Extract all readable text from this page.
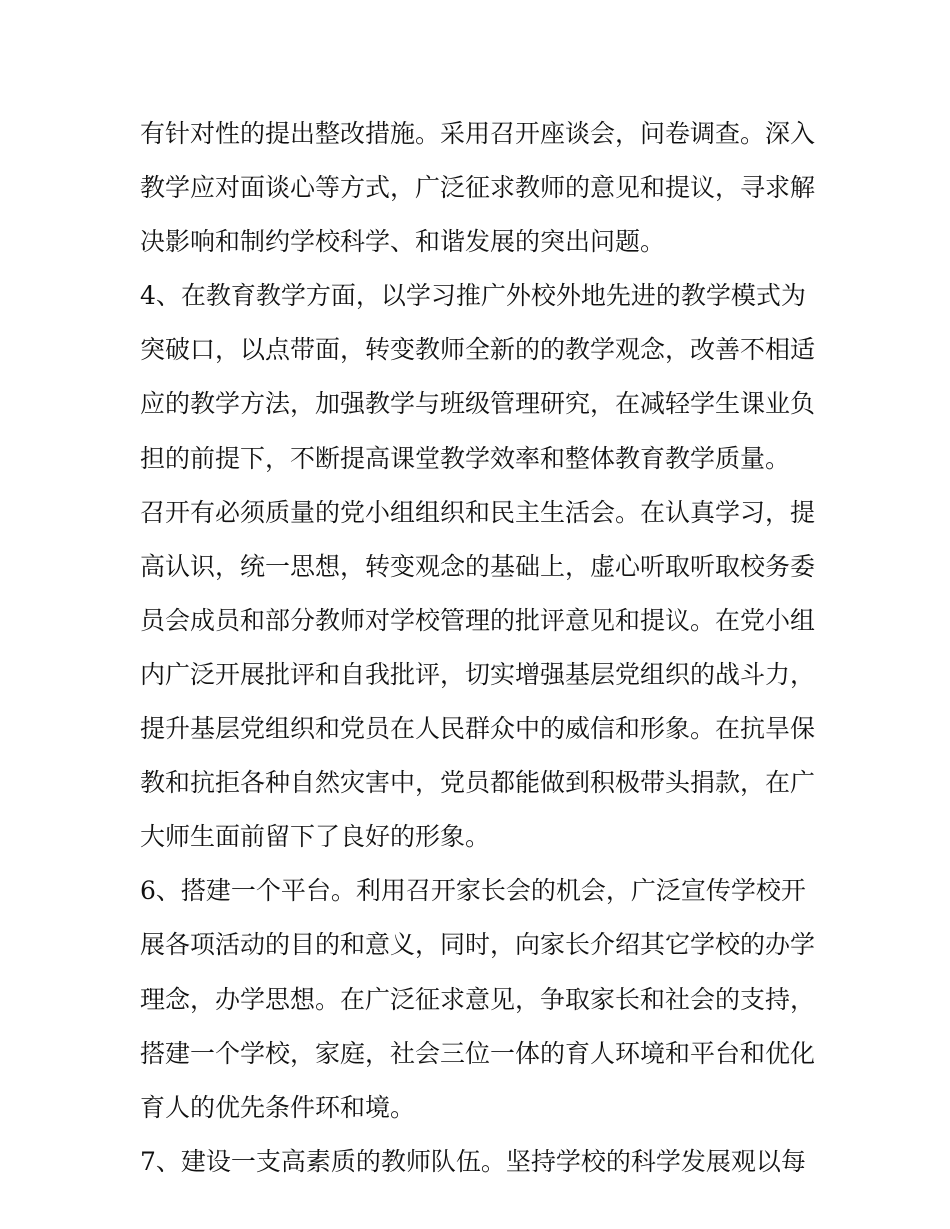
有针对性的提出整改措施。采用召开座谈会，问卷调查。深入
教学应对面谈心等方式，广泛征求教师的意见和提议，寻求解
决影响和制约学校科学、和谐发展的突出问题。
4、在教育教学方面，以学习推广外校外地先进的教学模式为
突破口，以点带面，转变教师全新的的教学观念，改善不相适
应的教学方法，加强教学与班级管理研究，在减轻学生课业负
担的前提下，不断提高课堂教学效率和整体教育教学质量。
召开有必须质量的党小组组织和民主生活会。在认真学习，提
高认识，统一思想，转变观念的基础上，虚心听取听取校务委
员会成员和部分教师对学校管理的批评意见和提议。在党小组
内广泛开展批评和自我批评，切实增强基层党组织的战斗力，
提升基层党组织和党员在人民群众中的威信和形象。在抗旱保
教和抗拒各种自然灾害中，党员都能做到积极带头捐款，在广
大师生面前留下了良好的形象。
6、搭建一个平台。利用召开家长会的机会，广泛宣传学校开
展各项活动的目的和意义，同时，向家长介绍其它学校的办学
理念，办学思想。在广泛征求意见，争取家长和社会的支持，
搭建一个学校，家庭，社会三位一体的育人环境和平台和优化
育人的优先条件环和境。
7、建设一支高素质的教师队伍。坚持学校的科学发展观以每
